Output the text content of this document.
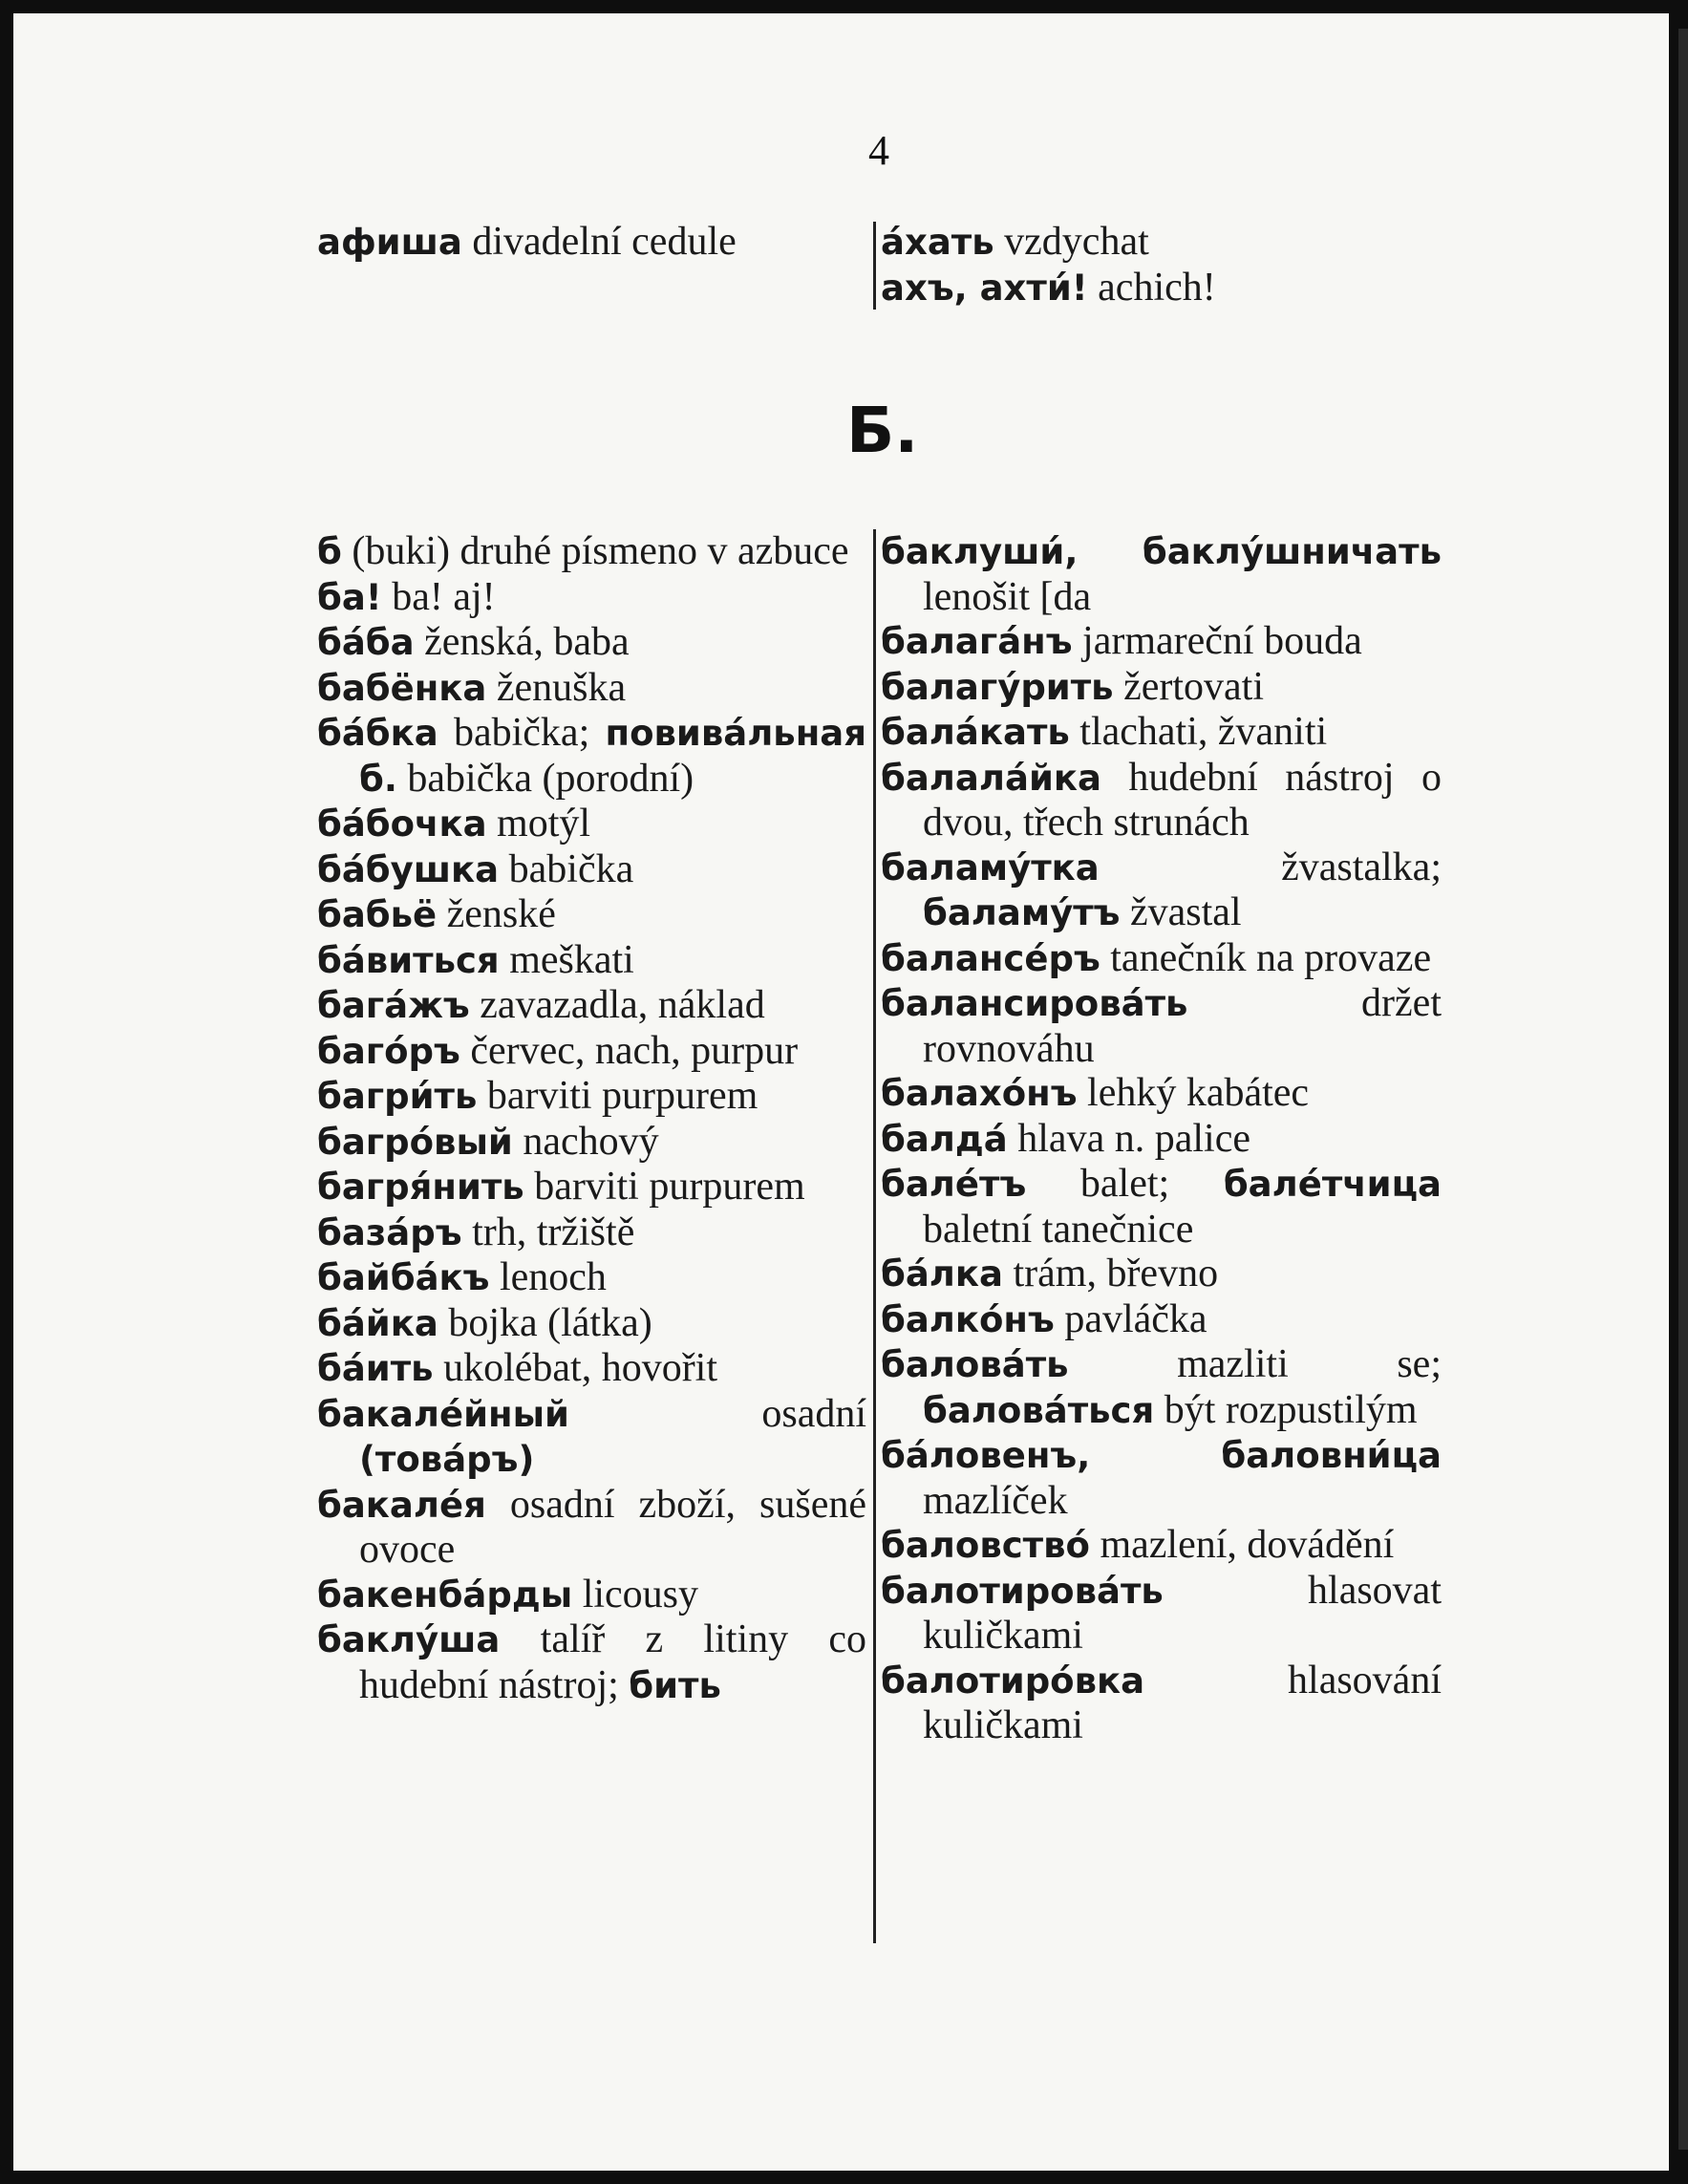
4
афиша divadelní cedule	áхать vzdychat
ахъ, ахти́! achich!
Б.
б (buki) druhé písmeno v azbuce
ба! ba! aj!
бáба ženská, baba
бабёнка ženuška
бáбка babička; повивáльная б. babička (porodní)
бáбочка motýl
бáбушка babička
бабьё ženské
бáвиться meškati
багáжъ zavazadla, náklad
багóръ červec, nach, purpur
багри́ть barviti purpurem
багрóвый nachový
багря́нить barviti purpurem
базáръ trh, tržiště
байбáкъ lenoch
бáйка bojka (látka)
бáить ukolébat, hovořit
бакалéйный osadní (товáръ)
бакалéя osadní zboží, sušené ovoce
бакенбáрды licousy
баклýша talíř z litiny co hudební nástroj; бить
баклуши́, баклýшничать lenošit [da
балагáнъ jarmareční bouda
балагýрить žertovati
балáкать tlachati, žvaniti
балалáйка hudební nástroj o dvou, třech strunách
баламýтка žvastalka; баламýтъ žvastal
балансéръ tanečník na provaze
балансировáть držet rovnováhu
балахóнъ lehký kabátec
балдá hlava n. palice
балéтъ balet; балéтчица baletní tanečnice
бáлка trám, břevno
балкóнъ pavláčka
баловáть mazliti se; баловáться být rozpustilým
бáловенъ, баловни́ца mazlíček
баловствó mazlení, dovádění
балотировáть hlasovat kuličkami
балотирóвка hlasování kuličkami
